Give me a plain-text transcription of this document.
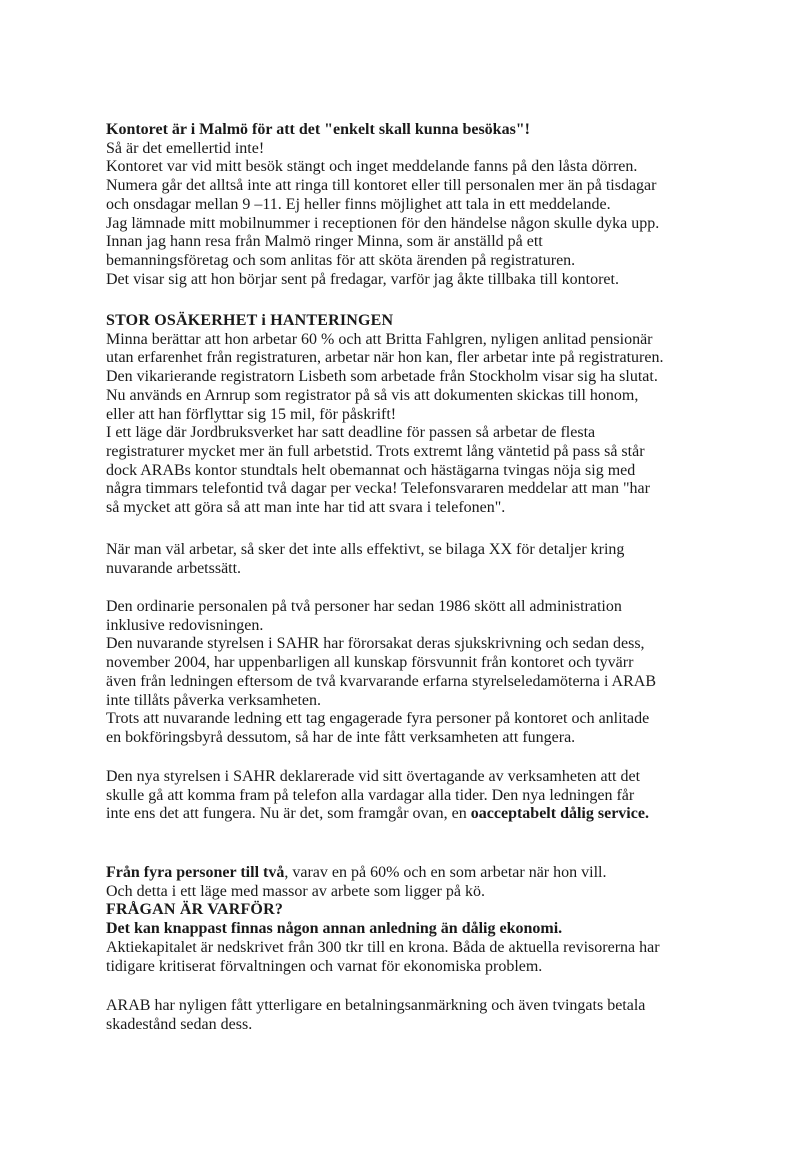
Kontoret är i Malmö för att det "enkelt skall kunna besökas"!
Så är det emellertid inte!
Kontoret var vid mitt besök stängt och inget meddelande fanns på den låsta dörren.
Numera går det alltså inte att ringa till kontoret eller till personalen mer än på tisdagar
och onsdagar mellan 9 –11. Ej heller finns möjlighet att tala in ett meddelande.
Jag lämnade mitt mobilnummer i receptionen för den händelse någon skulle dyka upp.
Innan jag hann resa från Malmö ringer Minna, som är anställd på ett
bemanningsföretag och som anlitas för att sköta ärenden på registraturen.
Det visar sig att hon börjar sent på fredagar, varför jag åkte tillbaka till kontoret.
STOR OSÄKERHET i HANTERINGEN
Minna berättar att hon arbetar 60 % och att Britta Fahlgren, nyligen anlitad pensionär
utan erfarenhet från registraturen, arbetar när hon kan, fler arbetar inte på registraturen.
Den vikarierande registratorn Lisbeth som arbetade från Stockholm visar sig ha slutat.
Nu används en Arnrup som registrator på så vis att dokumenten skickas till honom,
eller att han förflyttar sig 15 mil, för påskrift!
I ett läge där Jordbruksverket har satt deadline för passen så arbetar de flesta
registraturer mycket mer än full arbetstid. Trots extremt lång väntetid på pass så står
dock ARABs kontor stundtals helt obemannat och hästägarna tvingas nöja sig med
några timmars telefontid två dagar per vecka! Telefonsvararen meddelar att man "har
så mycket att göra så att man inte har tid att svara i telefonen".
När man väl arbetar, så sker det inte alls effektivt, se bilaga XX för detaljer kring
nuvarande arbetssätt.
Den ordinarie personalen på två personer har sedan 1986 skött all administration
inklusive redovisningen.
Den nuvarande styrelsen i SAHR har förorsakat deras sjukskrivning och sedan dess,
november 2004, har uppenbarligen all kunskap försvunnit från kontoret och tyvärr
även från ledningen eftersom de två kvarvarande erfarna styrelseledamöterna i ARAB
inte tillåts påverka verksamheten.
Trots att nuvarande ledning ett tag engagerade fyra personer på kontoret och anlitade
en bokföringsbyrå dessutom, så har de inte fått verksamheten att fungera.
Den nya styrelsen i SAHR deklarerade vid sitt övertagande av verksamheten att det
skulle gå att komma fram på telefon alla vardagar alla tider. Den nya ledningen får
inte ens det att fungera. Nu är det, som framgår ovan, en oacceptabelt dålig service.
Från fyra personer till två, varav en på 60% och en som arbetar när hon vill.
Och detta i ett läge med massor av arbete som ligger på kö.
FRÅGAN ÄR VARFÖR?
Det kan knappast finnas någon annan anledning än dålig ekonomi.
Aktiekapitalet är nedskrivet från 300 tkr till en krona. Båda de aktuella revisorerna har
tidigare kritiserat förvaltningen och varnat för ekonomiska problem.
ARAB har nyligen fått ytterligare en betalningsanmärkning och även tvingats betala
skadestånd sedan dess.
